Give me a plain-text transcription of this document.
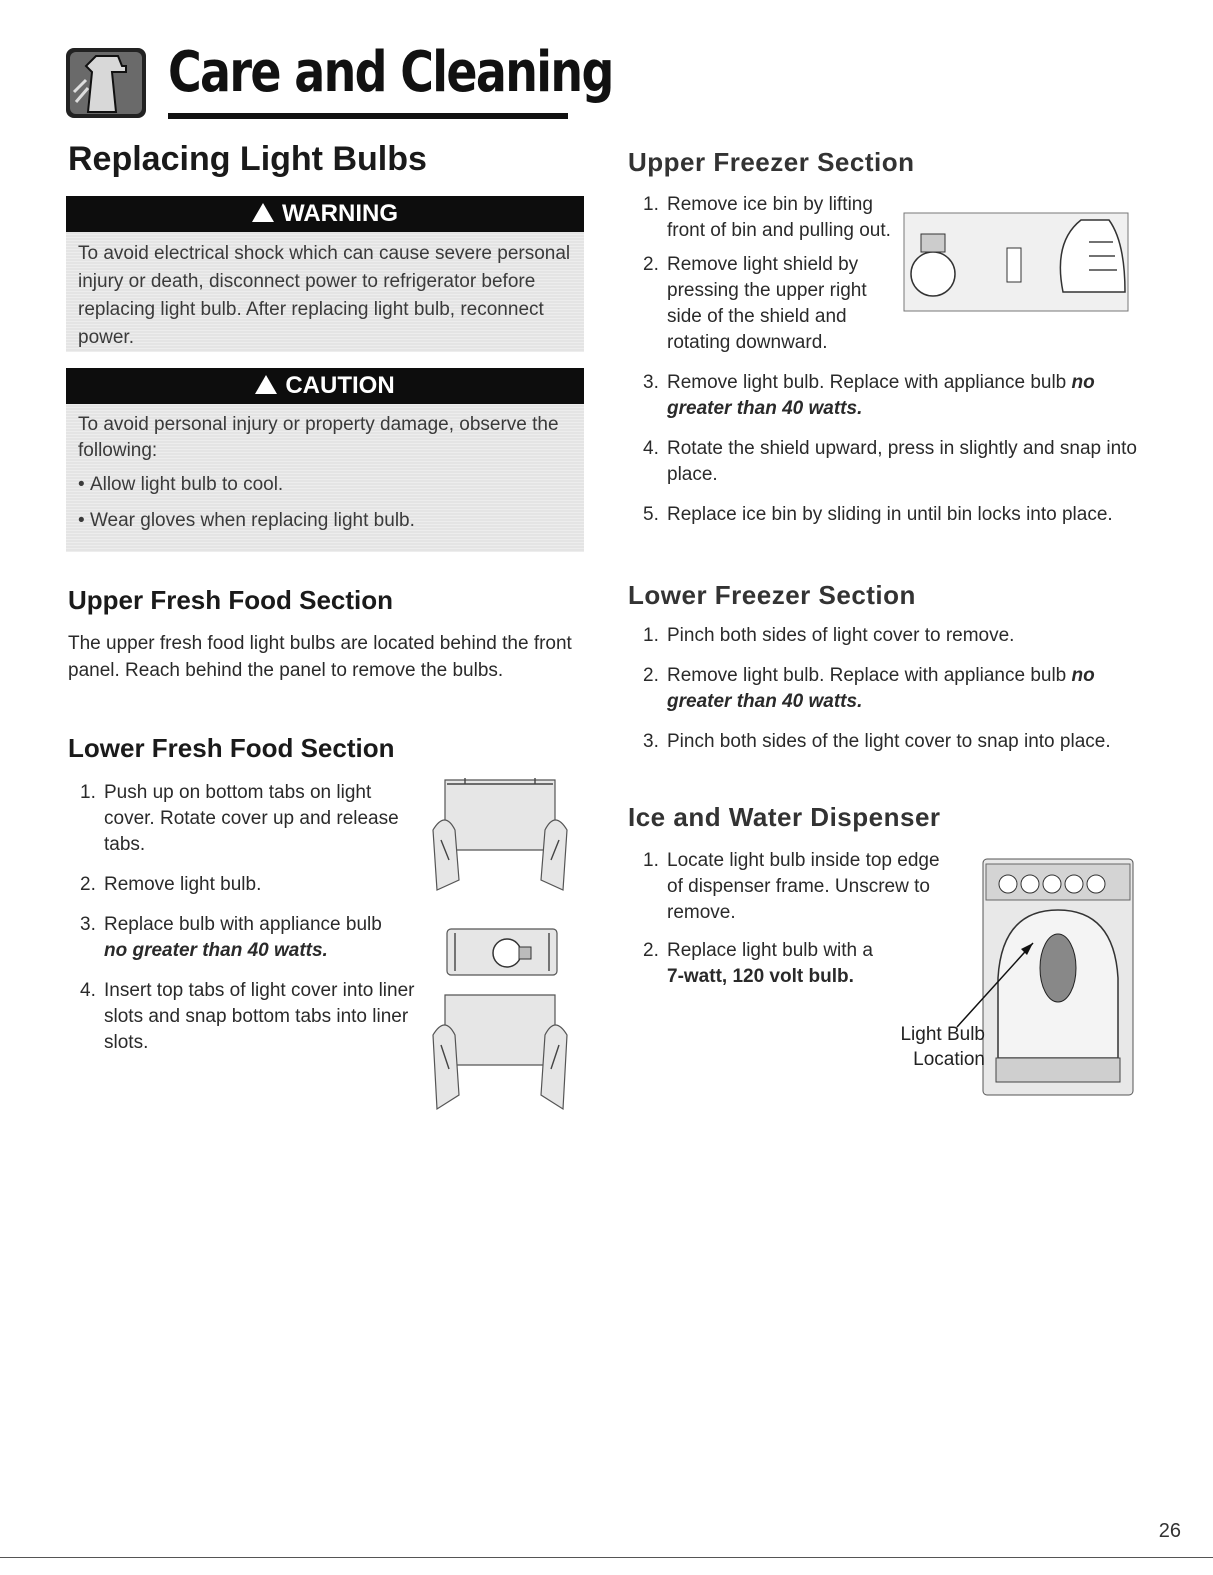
Care and Cleaning
Replacing Light Bulbs
WARNING
To avoid electrical shock which can cause severe personal injury or death, disconnect power to refrigerator before replacing light bulb. After replacing light bulb, reconnect power.
CAUTION
To avoid personal injury or property damage, observe the following:
• Allow light bulb to cool.
• Wear gloves when replacing light bulb.
Upper Fresh Food Section
The upper fresh food light bulbs are located behind the front panel. Reach behind the panel to remove the bulbs.
Lower Fresh Food Section
1. Push up on bottom tabs on light cover. Rotate cover up and release tabs.
2. Remove light bulb.
3. Replace bulb with appliance bulb
no greater than 40 watts.
4. Insert top tabs of light cover into liner slots and snap bottom tabs into liner slots.
Upper Freezer Section
1. Remove ice bin by lifting front of bin and pulling out.
2. Remove light shield by pressing the upper right side of the shield and rotating downward.
3. Remove light bulb. Replace with appliance bulb no greater than 40 watts.
4. Rotate the shield upward, press in slightly and snap into place.
5. Replace ice bin by sliding in until bin locks into place.
Lower Freezer Section
1. Pinch both sides of light cover to remove.
2. Remove light bulb. Replace with appliance bulb no greater than 40 watts.
3. Pinch both sides of the light cover to snap into place.
Ice and Water Dispenser
1. Locate light bulb inside top edge of dispenser frame. Unscrew to remove.
2. Replace light bulb with a
7-watt, 120 volt bulb.
Light Bulb
Location
26
